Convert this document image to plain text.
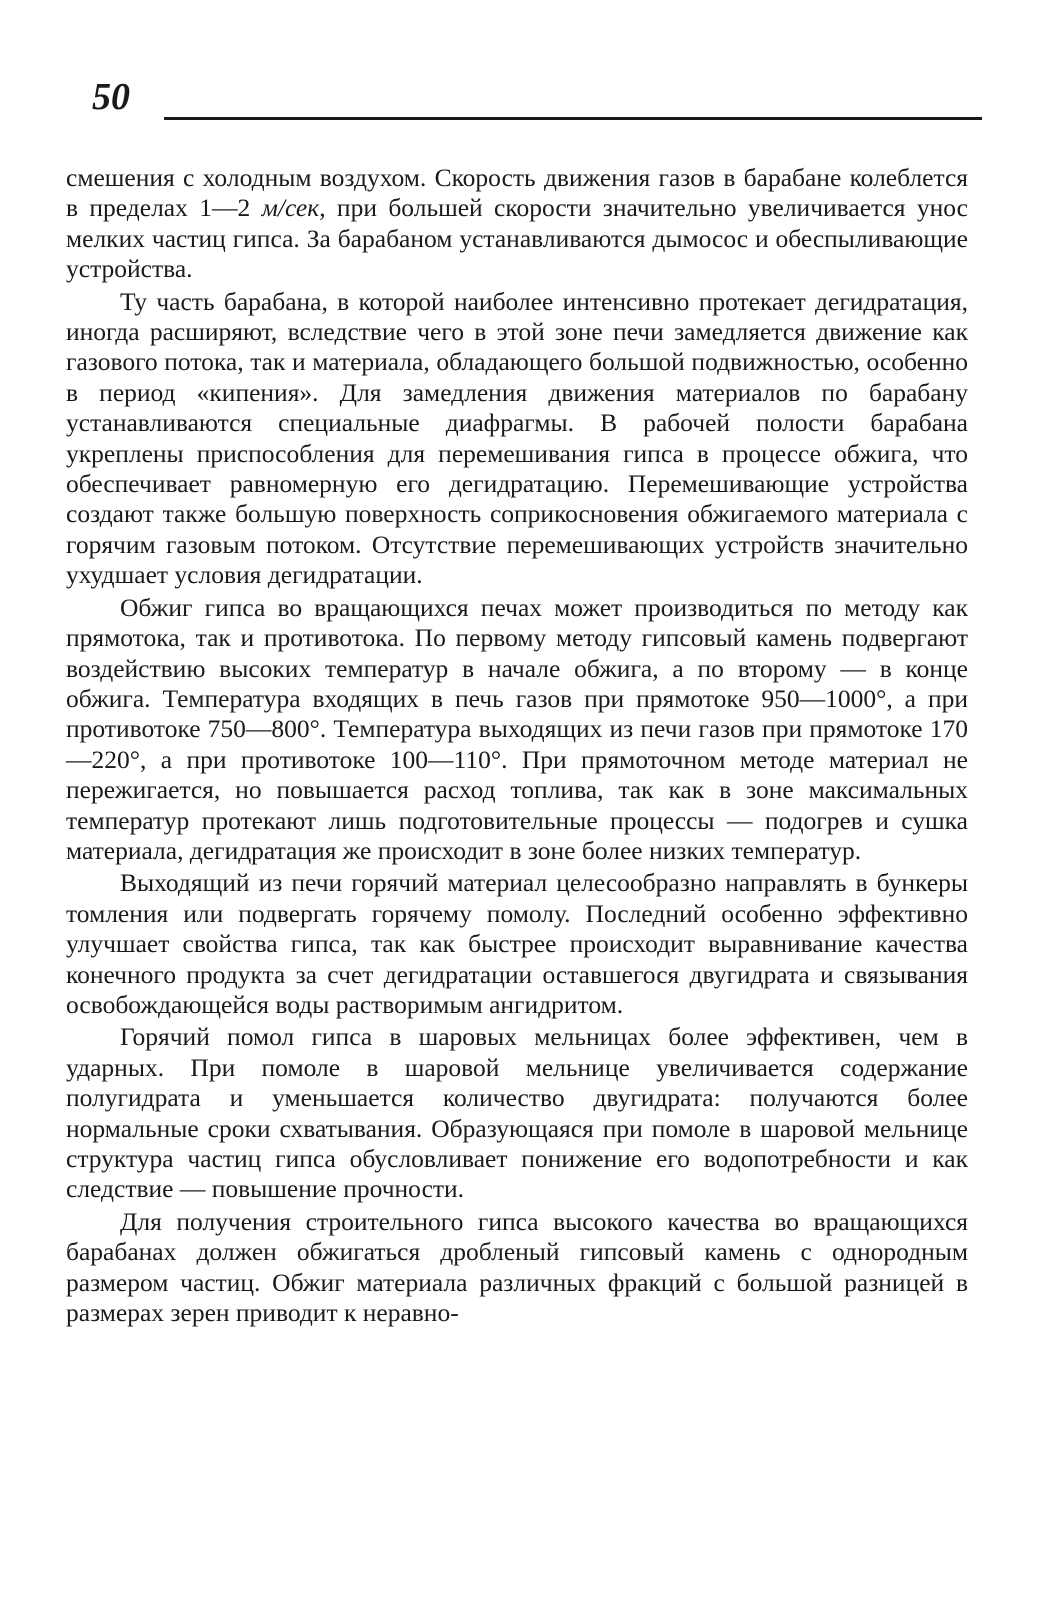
50

смешения с холодным воздухом. Скорость движения газов в барабане колеблется в пределах 1—2 м/сек, при большей скорости значительно увеличивается унос мелких частиц гипса. За барабаном устанавливаются дымосос и обеспыливающие устройства.

Ту часть барабана, в которой наиболее интенсивно протекает дегидратация, иногда расширяют, вследствие чего в этой зоне печи замедляется движение как газового потока, так и материала, обладающего большой подвижностью, особенно в период «кипения». Для замедления движения материалов по барабану устанавливаются специальные диафрагмы. В рабочей полости барабана укреплены приспособления для перемешивания гипса в процессе обжига, что обеспечивает равномерную его дегидратацию. Перемешивающие устройства создают также большую поверхность соприкосновения обжигаемого материала с горячим газовым потоком. Отсутствие перемешивающих устройств значительно ухудшает условия дегидратации.

Обжиг гипса во вращающихся печах может производиться по методу как прямотока, так и противотока. По первому методу гипсовый камень подвергают воздействию высоких температур в начале обжига, а по второму — в конце обжига. Температура входящих в печь газов при прямотоке 950—1000°, а при противотоке 750—800°. Температура выходящих из печи газов при прямотоке 170—220°, а при противотоке 100—110°. При прямоточном методе материал не пережигается, но повышается расход топлива, так как в зоне максимальных температур протекают лишь подготовительные процессы — подогрев и сушка материала, дегидратация же происходит в зоне более низких температур.

Выходящий из печи горячий материал целесообразно направлять в бункеры томления или подвергать горячему помолу. Последний особенно эффективно улучшает свойства гипса, так как быстрее происходит выравнивание качества конечного продукта за счет дегидратации оставшегося двугидрата и связывания освобождающейся воды растворимым ангидритом.

Горячий помол гипса в шаровых мельницах более эффективен, чем в ударных. При помоле в шаровой мельнице увеличивается содержание полугидрата и уменьшается количество двугидрата: получаются более нормальные сроки схватывания. Образующаяся при помоле в шаровой мельнице структура частиц гипса обусловливает понижение его водопотребности и как следствие — повышение прочности.

Для получения строительного гипса высокого качества во вращающихся барабанах должен обжигаться дробленый гипсовый камень с однородным размером частиц. Обжиг материала различных фракций с большой разницей в размерах зерен приводит к неравно-
